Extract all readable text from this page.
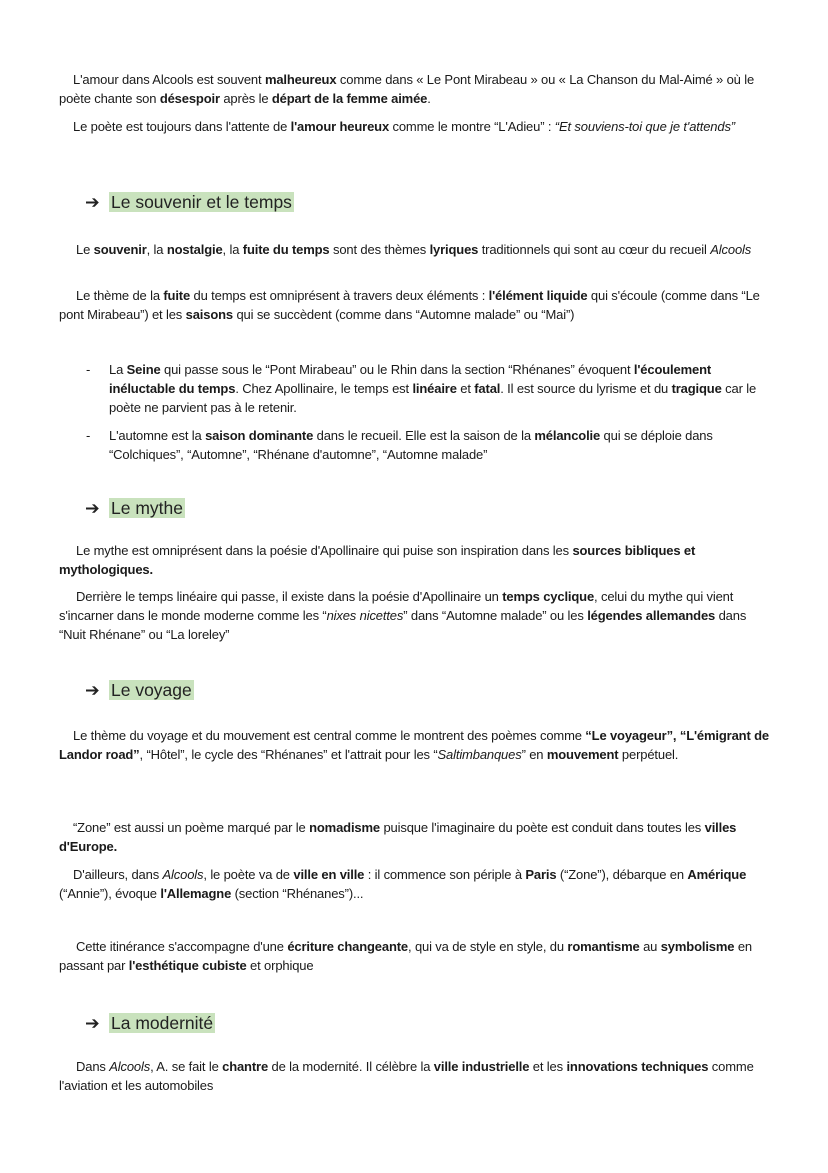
L'amour dans Alcools est souvent malheureux comme dans « Le Pont Mirabeau » ou « La Chanson du Mal-Aimé » où le poète chante son désespoir après le départ de la femme aimée.

Le poète est toujours dans l'attente de l'amour heureux comme le montre “L'Adieu” : “Et souviens-toi que je t'attends”

➔ Le souvenir et le temps

Le souvenir, la nostalgie, la fuite du temps sont des thèmes lyriques traditionnels qui sont au cœur du recueil Alcools

Le thème de la fuite du temps est omniprésent à travers deux éléments : l'élément liquide qui s'écoule (comme dans “Le pont Mirabeau”) et les saisons qui se succèdent (comme dans “Automne malade” ou “Mai”)

-	La Seine qui passe sous le “Pont Mirabeau” ou le Rhin dans la section “Rhénanes” évoquent l'écoulement inéluctable du temps. Chez Apollinaire, le temps est linéaire et fatal. Il est source du lyrisme et du tragique car le poète ne parvient pas à le retenir.
-	L'automne est la saison dominante dans le recueil. Elle est la saison de la mélancolie qui se déploie dans “Colchiques”, “Automne”, “Rhénane d'automne”, “Automne malade”
➔ Le mythe

Le mythe est omniprésent dans la poésie d'Apollinaire qui puise son inspiration dans les sources bibliques et mythologiques.

Derrière le temps linéaire qui passe, il existe dans la poésie d'Apollinaire un temps cyclique, celui du mythe qui vient s'incarner dans le monde moderne comme les “nixes nicettes” dans “Automne malade” ou les légendes allemandes dans “Nuit Rhénane” ou “La loreley”

➔ Le voyage

Le thème du voyage et du mouvement est central comme le montrent des poèmes comme “Le voyageur”, “L'émigrant de Landor road”, “Hôtel”, le cycle des “Rhénanes” et l'attrait pour les “Saltimbanques” en mouvement perpétuel.

“Zone” est aussi un poème marqué par le nomadisme puisque l'imaginaire du poète est conduit dans toutes les villes d'Europe.

D'ailleurs, dans Alcools, le poète va de ville en ville : il commence son périple à Paris (“Zone”), débarque en Amérique (“Annie”), évoque l'Allemagne (section “Rhénanes”)...

Cette itinérance s'accompagne d'une écriture changeante, qui va de style en style, du romantisme au symbolisme en passant par l'esthétique cubiste et orphique

➔ La modernité

Dans Alcools, A. se fait le chantre de la modernité. Il célèbre la ville industrielle et les innovations techniques comme l'aviation et les automobiles
